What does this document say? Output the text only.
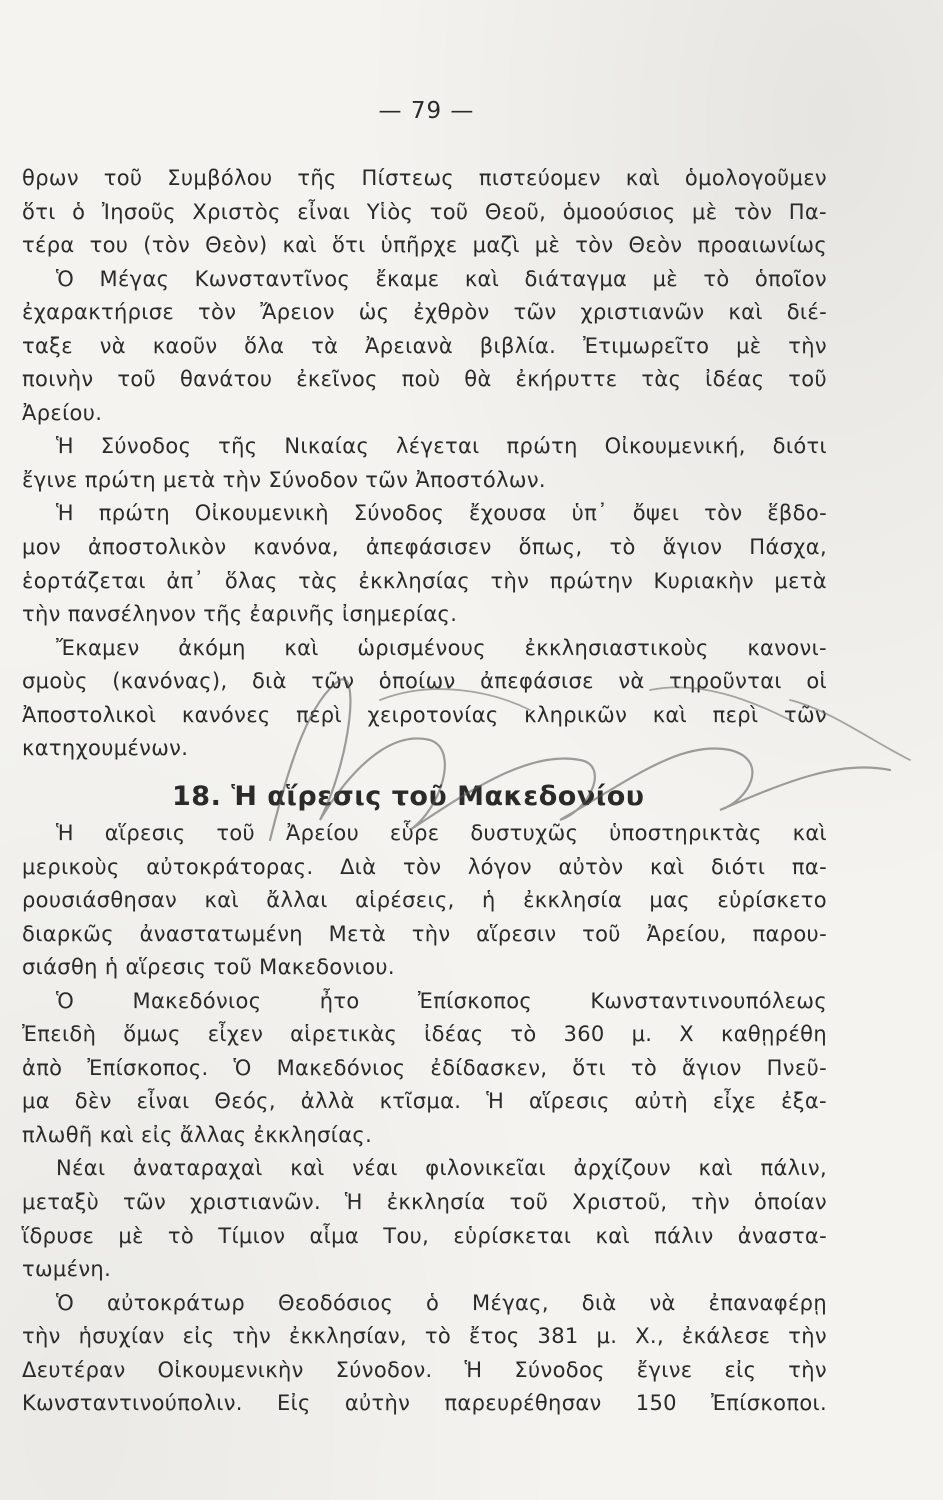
— 79 —
θρων τοῦ Συμβόλου τῆς Πίστεως πιστεύομεν καὶ ὁμολογοῦμεν
ὅτι ὁ Ἰησοῦς Χριστὸς εἶναι Υἱὸς τοῦ Θεοῦ, ὁμοούσιος μὲ τὸν Πα-
τέρα του (τὸν Θεὸν) καὶ ὅτι ὑπῆρχε μαζὶ μὲ τὸν Θεὸν προαιωνίως
Ὁ Μέγας Κωνσταντῖνος ἔκαμε καὶ διάταγμα μὲ τὸ ὁποῖον
ἐχαρακτήρισε τὸν Ἄρειον ὡς ἐχθρὸν τῶν χριστιανῶν καὶ διέ-
ταξε νὰ καοῦν ὅλα τὰ Ἀρειανὰ βιβλία. Ἐτιμωρεῖτο μὲ τὴν
ποινὴν τοῦ θανάτου ἐκεῖνος ποὺ θὰ ἐκήρυττε τὰς ἰδέας τοῦ
Ἀρείου.
Ἡ Σύνοδος τῆς Νικαίας λέγεται πρώτη Οἰκουμενική, διότι
ἔγινε πρώτη μετὰ τὴν Σύνοδον τῶν Ἀποστόλων.
Ἡ πρώτη Οἰκουμενικὴ Σύνοδος ἔχουσα ὑπ᾽ ὄψει τὸν ἕβδο-
μον ἀποστολικὸν κανόνα, ἀπεφάσισεν ὅπως, τὸ ἅγιον Πάσχα,
ἑορτάζεται ἀπ᾽ ὅλας τὰς ἐκκλησίας τὴν πρώτην Κυριακὴν μετὰ
τὴν πανσέληνον τῆς ἐαρινῆς ἰσημερίας.
Ἔκαμεν ἀκόμη καὶ ὡρισμένους ἐκκλησιαστικοὺς κανονι-
σμοὺς (κανόνας), διὰ τῶν ὁποίων ἀπεφάσισε νὰ τηροῦνται οἱ
Ἀποστολικοὶ κανόνες περὶ χειροτονίας κληρικῶν καὶ περὶ τῶν
κατηχουμένων.
18. Ἡ αἵρεσις τοῦ Μακεδονίου
Ἡ αἵρεσις τοῦ Ἀρείου εὗρε δυστυχῶς ὑποστηρικτὰς καὶ
μερικοὺς αὐτοκράτορας. Διὰ τὸν λόγον αὐτὸν καὶ διότι πα-
ρουσιάσθησαν καὶ ἄλλαι αἱρέσεις, ἡ ἐκκλησία μας εὑρίσκετο
διαρκῶς ἀναστατωμένη Μετὰ τὴν αἵρεσιν τοῦ Ἀρείου, παρου-
σιάσθη ἡ αἵρεσις τοῦ Μακεδονιου.
Ὁ Μακεδόνιος ἦτο Ἐπίσκοπος Κωνσταντινουπόλεως
Ἐπειδὴ ὅμως εἶχεν αἱρετικὰς ἰδέας τὸ 360 μ. Χ καθῃρέθη
ἀπὸ Ἐπίσκοπος. Ὁ Μακεδόνιος ἐδίδασκεν, ὅτι τὸ ἅγιον Πνεῦ-
μα δὲν εἶναι Θεός, ἀλλὰ κτῖσμα. Ἡ αἵρεσις αὐτὴ εἶχε ἐξα-
πλωθῆ καὶ εἰς ἄλλας ἐκκλησίας.
Νέαι ἀναταραχαὶ καὶ νέαι φιλονικεῖαι ἀρχίζουν καὶ πάλιν,
μεταξὺ τῶν χριστιανῶν. Ἡ ἐκκλησία τοῦ Χριστοῦ, τὴν ὁποίαν
ἵδρυσε μὲ τὸ Τίμιον αἷμα Του, εὑρίσκεται καὶ πάλιν ἀναστα-
τωμένη.
Ὁ αὐτοκράτωρ Θεοδόσιος ὁ Μέγας, διὰ νὰ ἐπαναφέρῃ
τὴν ἡσυχίαν εἰς τὴν ἐκκλησίαν, τὸ ἔτος 381 μ. Χ., ἐκάλεσε τὴν
Δευτέραν Οἰκουμενικὴν Σύνοδον. Ἡ Σύνοδος ἔγινε εἰς τὴν
Κωνσταντινούπολιν. Εἰς αὐτὴν παρευρέθησαν 150 Ἐπίσκοποι.
